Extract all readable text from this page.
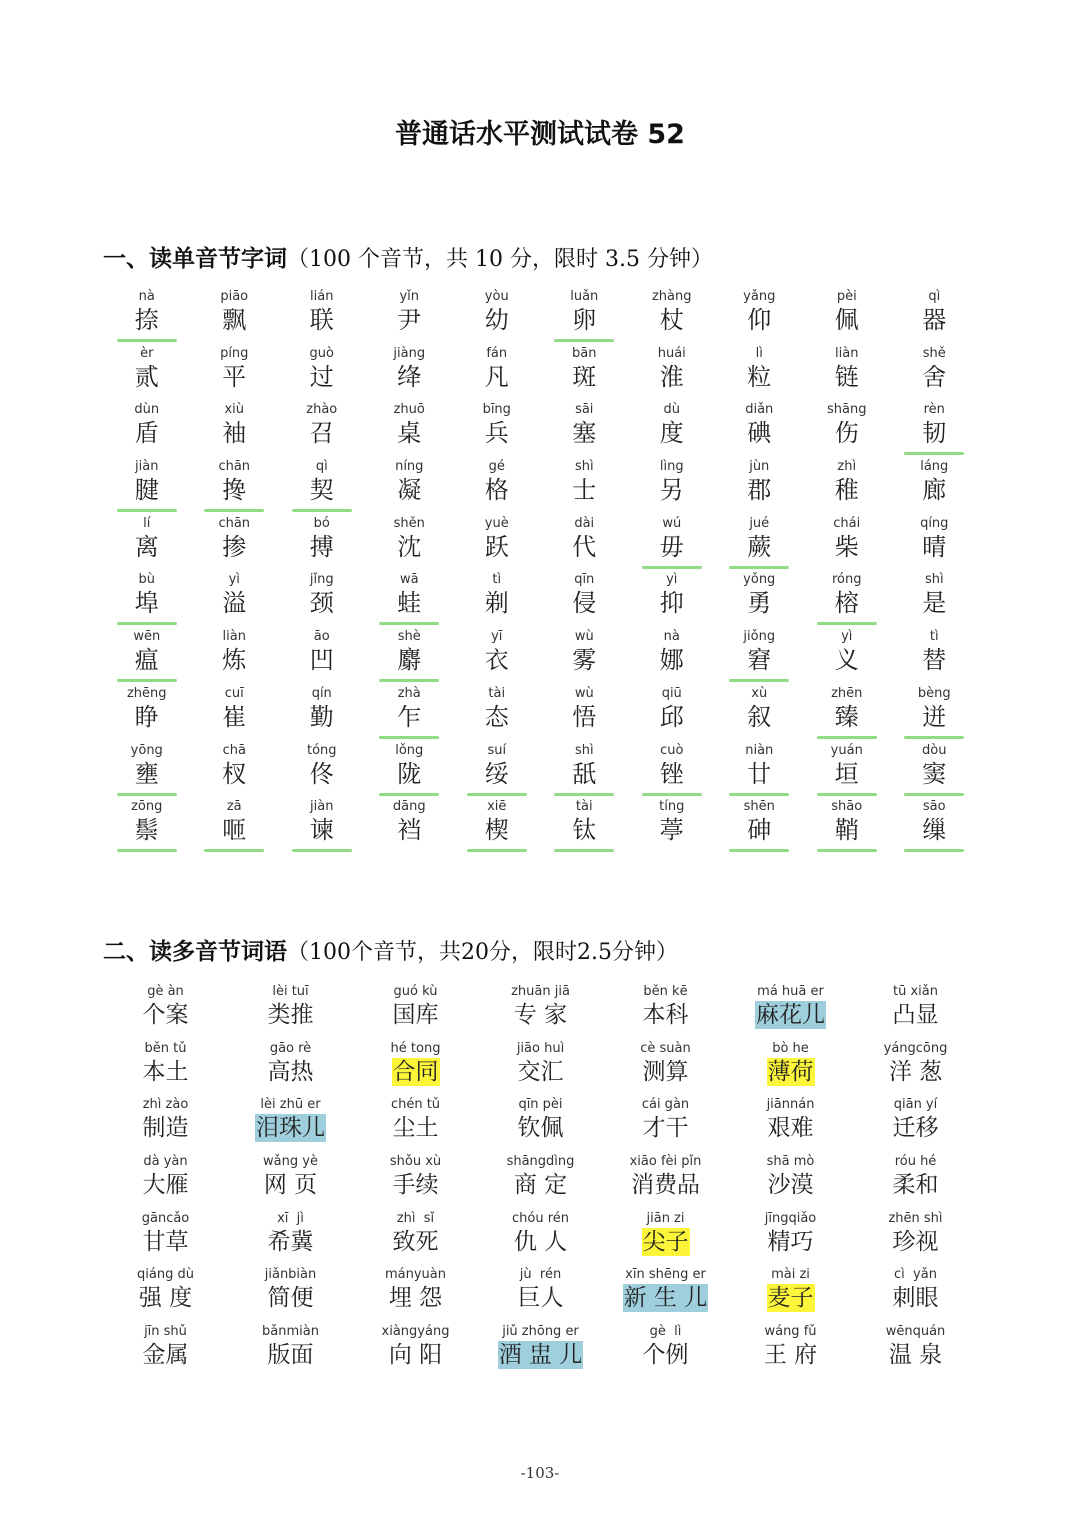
普通话水平测试试卷 52
一、读单音节字词（100 个音节，共 10 分，限时 3.5 分钟）
nà
捺
piāo
飘
lián
联
yǐn
尹
yòu
幼
luǎn
卵
zhàng
杖
yǎng
仰
pèi
佩
qì
器
èr
贰
píng
平
guò
过
jiàng
绛
fán
凡
bān
斑
huái
淮
lì
粒
liàn
链
shě
舍
dùn
盾
xiù
袖
zhào
召
zhuō
桌
bīng
兵
sāi
塞
dù
度
diǎn
碘
shāng
伤
rèn
韧
jiàn
腱
chān
搀
qì
契
níng
凝
gé
格
shì
士
lìng
另
jùn
郡
zhì
稚
láng
廊
lí
离
chān
掺
bó
搏
shěn
沈
yuè
跃
dài
代
wú
毋
jué
蕨
chái
柴
qíng
晴
bù
埠
yì
溢
jǐng
颈
wā
蛙
tì
剃
qīn
侵
yì
抑
yǒng
勇
róng
榕
shì
是
wēn
瘟
liàn
炼
āo
凹
shè
麝
yī
衣
wù
雾
nà
娜
jiǒng
窘
yì
义
tì
替
zhēng
睁
cuī
崔
qín
勤
zhà
乍
tài
态
wù
悟
qiū
邱
xù
叙
zhēn
臻
bèng
迸
yōng
壅
chā
杈
tóng
佟
lǒng
陇
suí
绥
shì
舐
cuò
锉
niàn
廿
yuán
垣
dòu
窦
zōng
鬃
zā
咂
jiàn
谏
dāng
裆
xiē
楔
tài
钛
tíng
葶
shēn
砷
shāo
鞘
sāo
缫
二、读多音节词语（100个音节，共20分，限时2.5分钟）
gè àn
个案
lèi tuī
类推
guó kù
国库
zhuān jiā
专 家
běn kē
本科
má huā er
麻花儿
tū xiǎn
凸显
běn tǔ
本土
gāo rè
高热
hé tong
合同
jiāo huì
交汇
cè suàn
测算
bò he
薄荷
yángcōng
洋 葱
zhì zào
制造
lèi zhū er
泪珠儿
chén tǔ
尘土
qīn pèi
钦佩
cái gàn
才干
jiānnán
艰难
qiān yí
迁移
dà yàn
大雁
wǎng yè
网 页
shǒu xù
手续
shāngdìng
商 定
xiāo fèi pǐn
消费品
shā mò
沙漠
róu hé
柔和
gāncǎo
甘草
xī  jì
希冀
zhì  sǐ
致死
chóu rén
仇 人
jiān zi
尖子
jīngqiǎo
精巧
zhēn shì
珍视
qiáng dù
强 度
jiǎnbiàn
简便
mányuàn
埋 怨
jù  rén
巨人
xīn shēng er
新 生 儿
mài zi
麦子
cì  yǎn
刺眼
jīn shǔ
金属
bǎnmiàn
版面
xiàngyáng
向 阳
jiǔ zhōng er
酒 盅 儿
gè  lì
个例
wáng fǔ
王 府
wēnquán
温 泉
-103-
